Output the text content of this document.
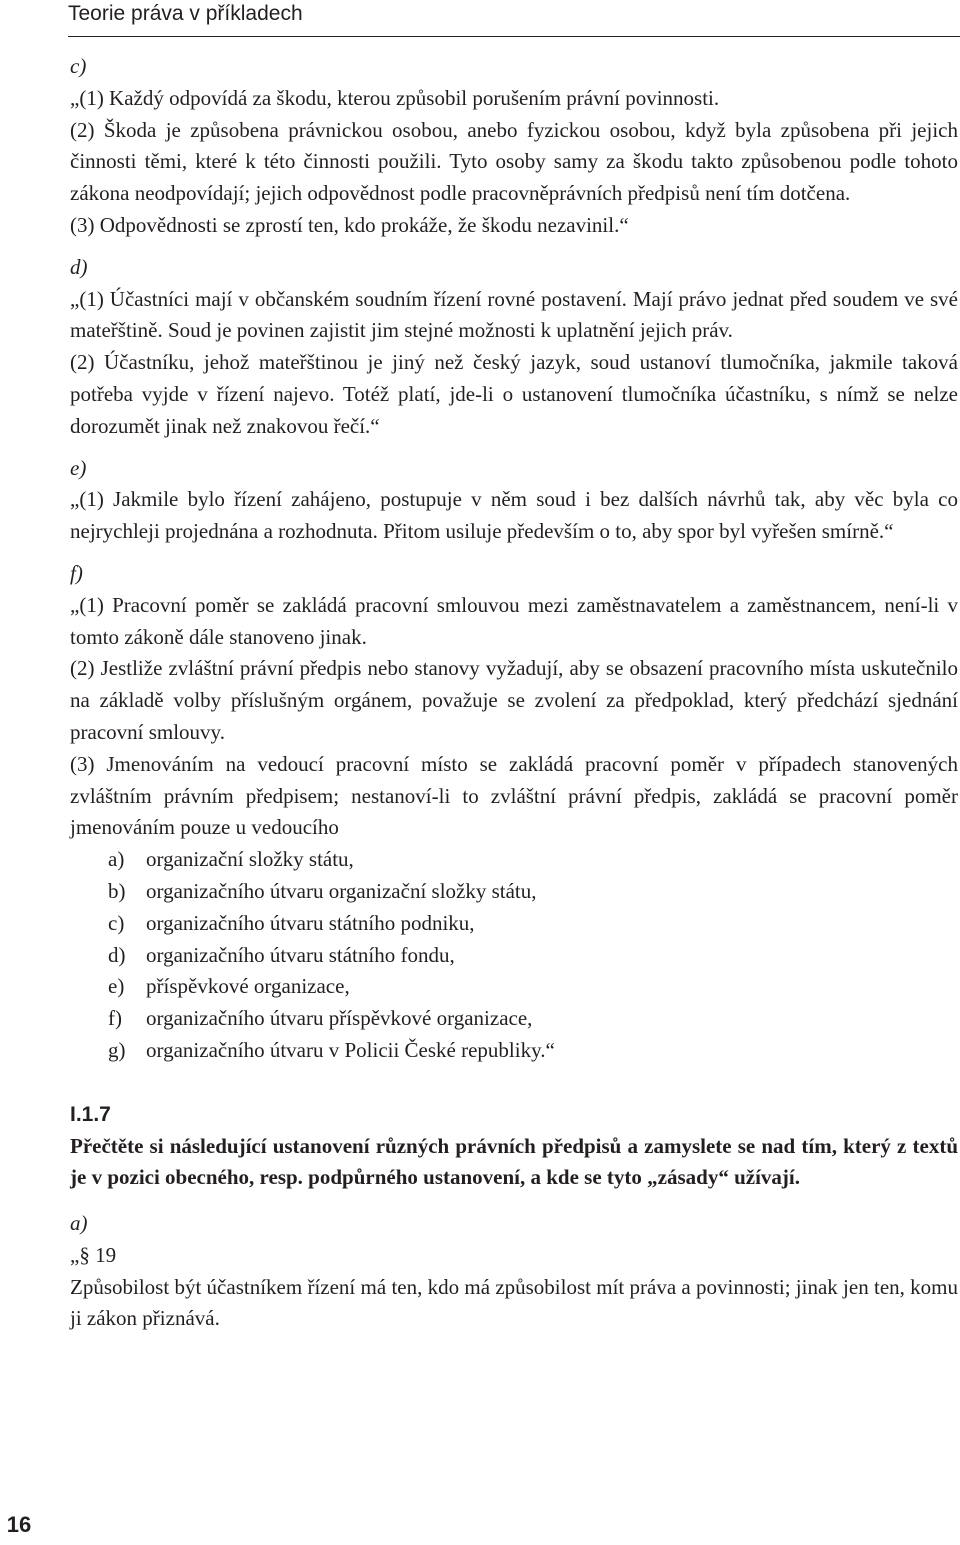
Teorie práva v příkladech
c)

„(1) Každý odpovídá za škodu, kterou způsobil porušením právní povinnosti.

(2) Škoda je způsobena právnickou osobou, anebo fyzickou osobou, když byla způsobena při jejich činnosti těmi, které k této činnosti použili. Tyto osoby samy za škodu takto způsobenou podle tohoto zákona neodpovídají; jejich odpovědnost podle pracovněprávních předpisů není tím dotčena.

(3) Odpovědnosti se zprostí ten, kdo prokáže, že škodu nezavinil.“

d)

„(1) Účastníci mají v občanském soudním řízení rovné postavení. Mají právo jednat před soudem ve své mateřštině. Soud je povinen zajistit jim stejné možnosti k uplatnění jejich práv.

(2) Účastníku, jehož mateřštinou je jiný než český jazyk, soud ustanoví tlumočníka, jakmile taková potřeba vyjde v řízení najevo. Totéž platí, jde-li o ustanovení tlumočníka účastníku, s nímž se nelze dorozumět jinak než znakovou řečí.“

e)

„(1) Jakmile bylo řízení zahájeno, postupuje v něm soud i bez dalších návrhů tak, aby věc byla co nejrychleji projednána a rozhodnuta. Přitom usiluje především o to, aby spor byl vyřešen smírně.“

f)

„(1) Pracovní poměr se zakládá pracovní smlouvou mezi zaměstnavatelem a zaměstnancem, není-li v tomto zákoně dále stanoveno jinak.

(2) Jestliže zvláštní právní předpis nebo stanovy vyžadují, aby se obsazení pracovního místa uskutečnilo na základě volby příslušným orgánem, považuje se zvolení za předpoklad, který předchází sjednání pracovní smlouvy.

(3) Jmenováním na vedoucí pracovní místo se zakládá pracovní poměr v případech stanovených zvláštním právním předpisem; nestanoví-li to zvláštní právní předpis, zakládá se pracovní poměr jmenováním pouze u vedoucího

a) organizační složky státu,
b) organizačního útvaru organizační složky státu,
c) organizačního útvaru státního podniku,
d) organizačního útvaru státního fondu,
e) příspěvkové organizace,
f) organizačního útvaru příspěvkové organizace,
g) organizačního útvaru v Policii České republiky.“
I.1.7

Přečtěte si následující ustanovení různých právních předpisů a zamyslete se nad tím, který z textů je v pozici obecného, resp. podpůrného ustanovení, a kde se tyto „zásady“ užívají.

a)
„§ 19

Způsobilost být účastníkem řízení má ten, kdo má způsobilost mít práva a povinnosti; jinak jen ten, komu ji zákon přiznává.

16
